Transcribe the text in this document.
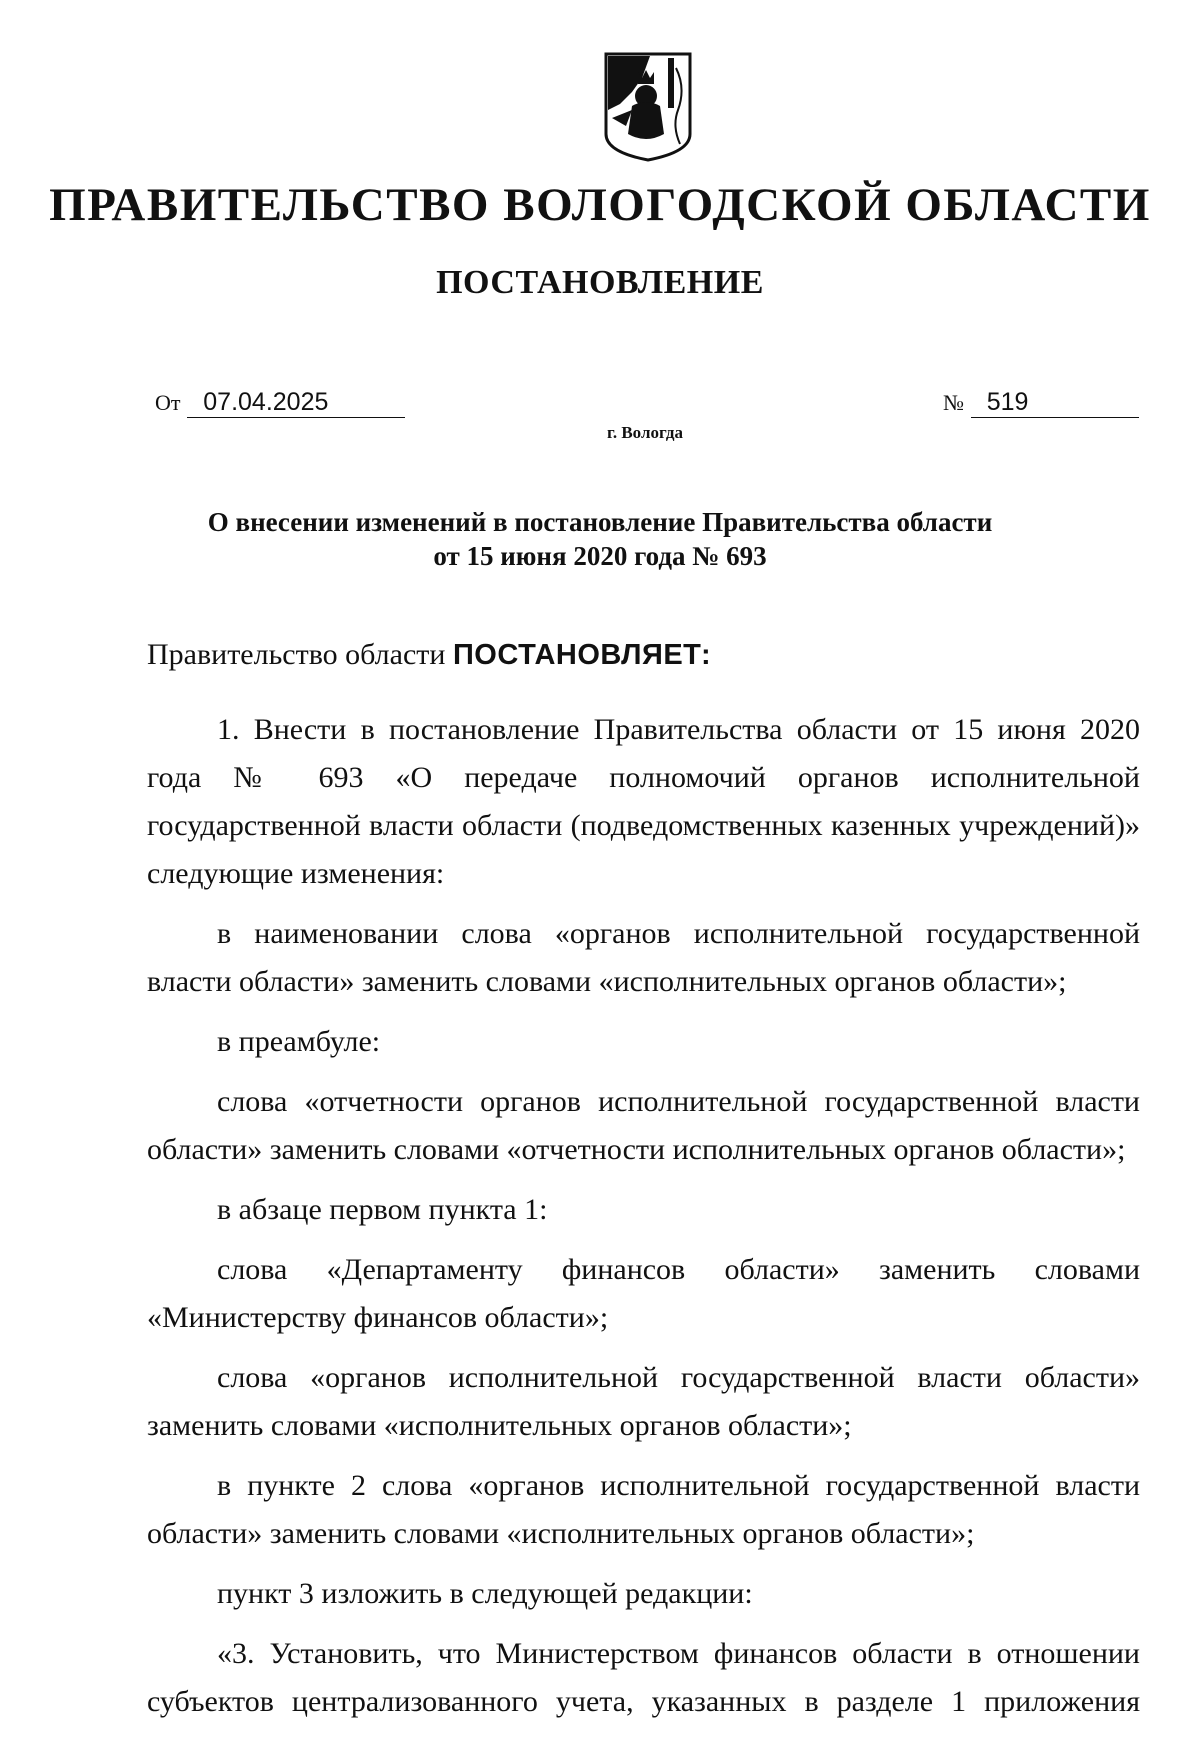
ПРАВИТЕЛЬСТВО ВОЛОГОДСКОЙ ОБЛАСТИ
ПОСТАНОВЛЕНИЕ
От 07.04.2025	№ 519
г. Вологда
О внесении изменений в постановление Правительства области
от 15 июня 2020 года № 693
Правительство области ПОСТАНОВЛЯЕТ:

1. Внести в постановление Правительства области от 15 июня 2020 года № 693 «О передаче полномочий органов исполнительной государственной власти области (подведомственных казенных учреждений)» следующие изменения:

в наименовании слова «органов исполнительной государственной власти области» заменить словами «исполнительных органов области»;

в преамбуле:

слова «отчетности органов исполнительной государственной власти области» заменить словами «отчетности исполнительных органов области»;

в абзаце первом пункта 1:

слова «Департаменту финансов области» заменить словами «Министерству финансов области»;

слова «органов исполнительной государственной власти области» заменить словами «исполнительных органов области»;

в пункте 2 слова «органов исполнительной государственной власти области» заменить словами «исполнительных органов области»;

пункт 3 изложить в следующей редакции:

«3. Установить, что Министерством финансов области в отношении субъектов централизованного учета, указанных в разделе 1 приложения
